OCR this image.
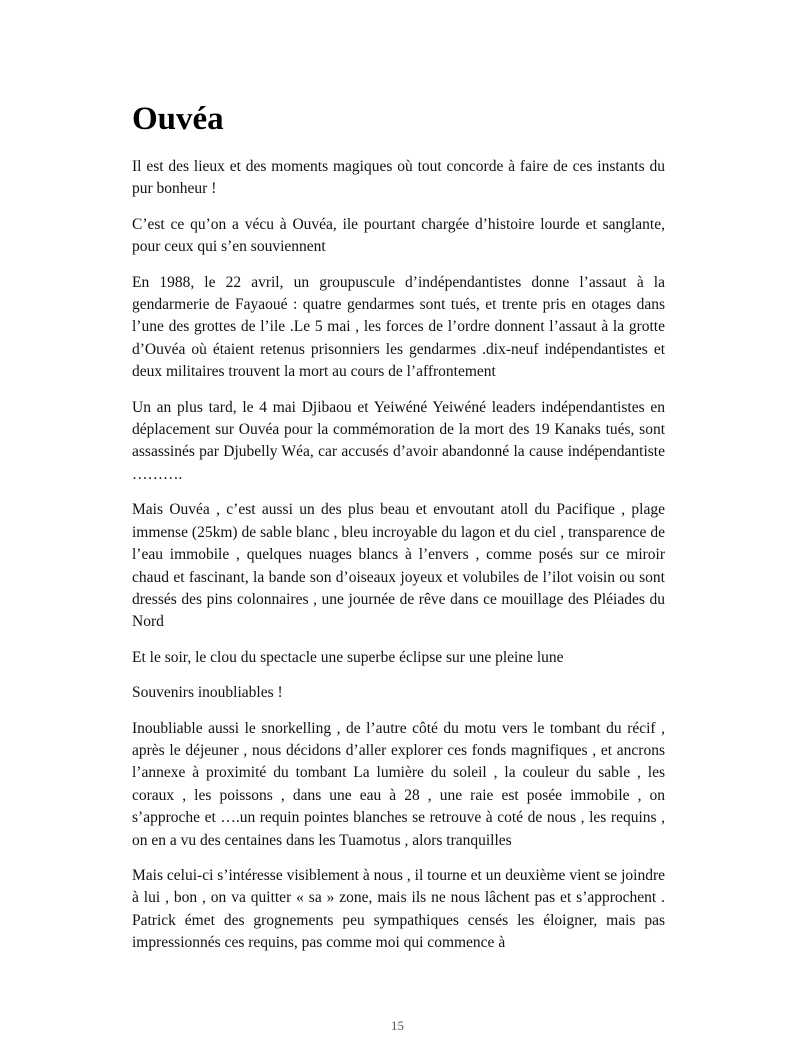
Ouvéa

Il est des lieux et des moments magiques où tout concorde à faire de ces instants du pur bonheur !

C’est ce qu’on a vécu à Ouvéa, ile pourtant chargée d’histoire lourde et sanglante, pour ceux qui s’en souviennent

En 1988, le 22 avril, un groupuscule d’indépendantistes donne l’assaut à la gendarmerie de Fayaoué : quatre gendarmes sont tués, et trente pris en otages dans l’une des grottes de l’ile .Le 5 mai , les forces de l’ordre donnent l’assaut à la grotte d’Ouvéa où étaient retenus prisonniers les gendarmes .dix-neuf indépendantistes et deux militaires trouvent la mort au cours de l’affrontement

Un an plus tard, le 4 mai Djibaou et Yeiwéné Yeiwéné leaders indépendantistes en déplacement sur Ouvéa pour la commémoration de la mort des 19 Kanaks tués, sont assassinés par Djubelly Wéa, car accusés d’avoir abandonné la cause indépendantiste ……….

Mais Ouvéa , c’est aussi un des plus beau et envoutant atoll du Pacifique , plage immense (25km) de sable blanc , bleu incroyable du lagon et du ciel , transparence de l’eau immobile , quelques nuages blancs à l’envers , comme posés sur ce miroir chaud et fascinant, la bande son d’oiseaux joyeux et volubiles de l’ilot voisin ou sont dressés des pins colonnaires , une journée de rêve dans ce mouillage des Pléiades du Nord

Et le soir, le clou du spectacle une superbe éclipse sur une pleine lune

Souvenirs inoubliables !

Inoubliable aussi le snorkelling , de l’autre côté du motu vers le tombant du récif , après le déjeuner , nous décidons d’aller explorer ces fonds magnifiques , et ancrons l’annexe à proximité du tombant La lumière du soleil , la couleur du sable , les coraux , les poissons , dans une eau à 28 , une raie est posée immobile , on s’approche et ….un requin pointes blanches se retrouve à coté de nous , les requins , on en a vu des centaines dans les Tuamotus , alors tranquilles

Mais celui-ci s’intéresse visiblement à nous , il tourne et un deuxième vient se joindre à lui , bon , on va quitter « sa » zone, mais ils ne nous lâchent pas et s’approchent . Patrick émet des grognements peu sympathiques censés les éloigner, mais pas impressionnés ces requins, pas comme moi qui commence à

15
